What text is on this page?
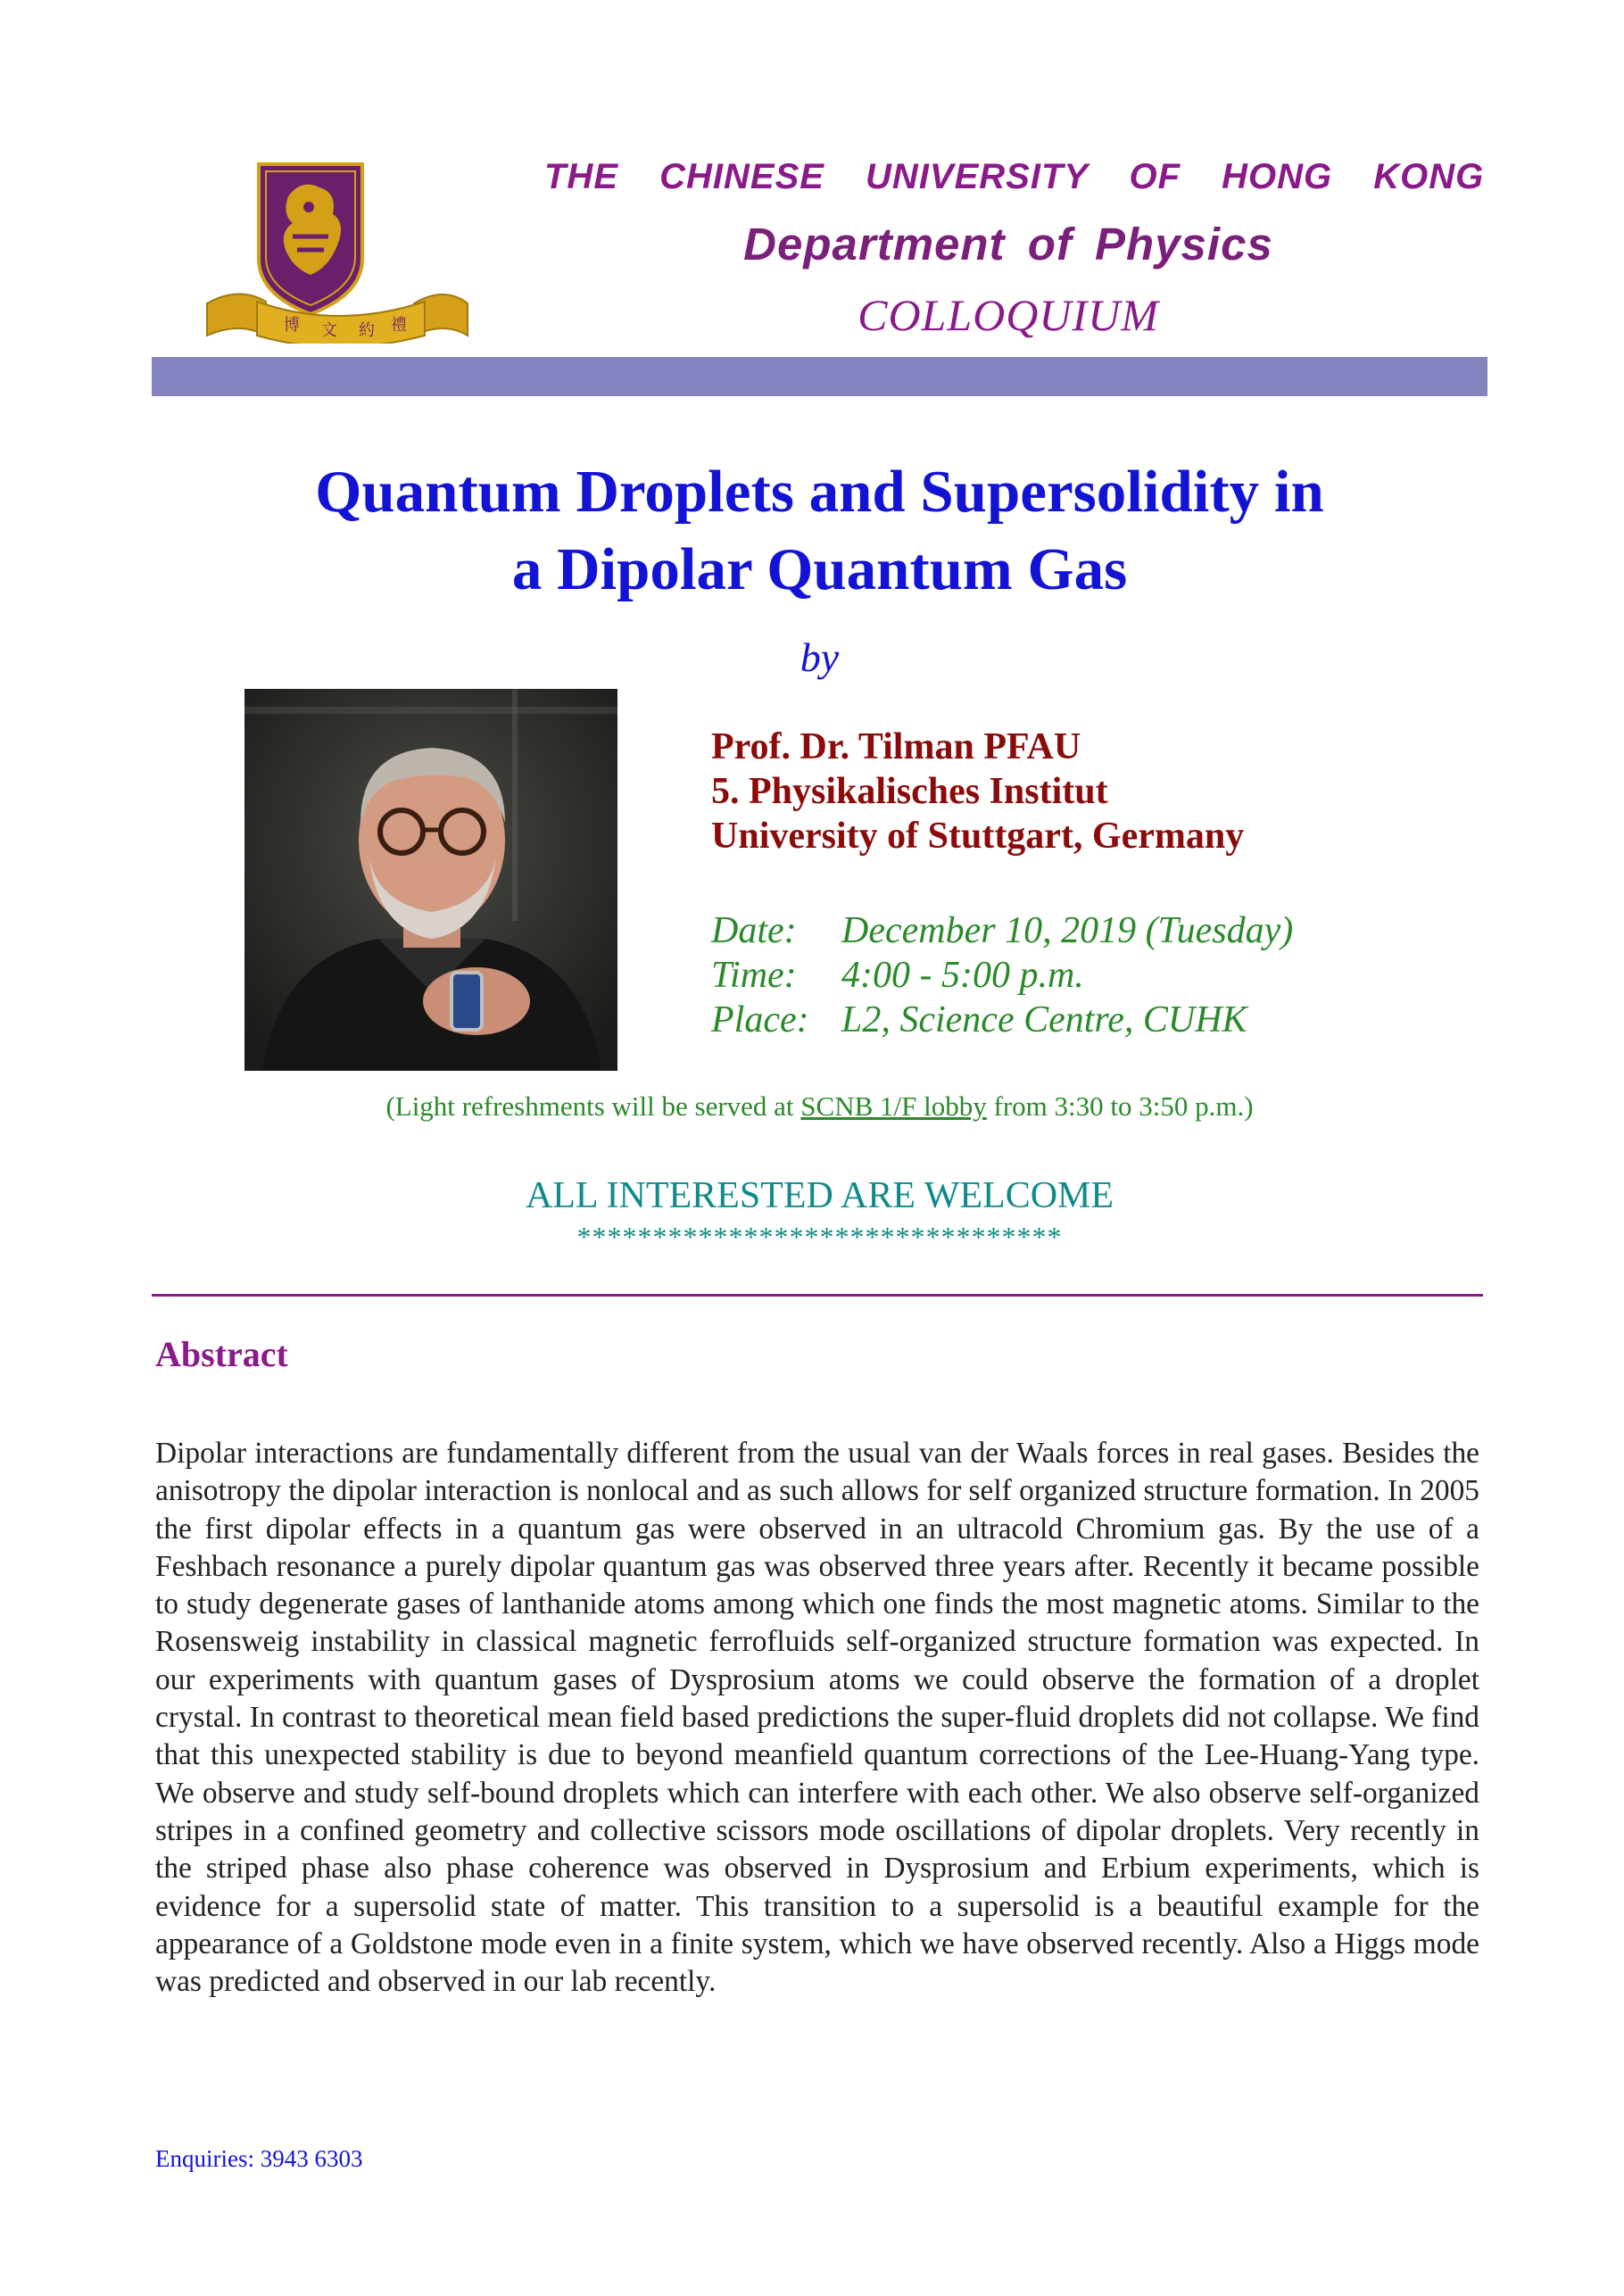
博 文 約 禮
THE CHINESE UNIVERSITY OF HONG KONG
Department of Physics
COLLOQUIUM
Quantum Droplets and Supersolidity in
a Dipolar Quantum Gas
by
Prof. Dr. Tilman PFAU
5. Physikalisches Institut
University of Stuttgart, Germany
Date:	December 10, 2019 (Tuesday)
Time:	4:00 - 5:00 p.m.
Place: L2, Science Centre, CUHK
(Light refreshments will be served at SCNB 1/F lobby from 3:30 to 3:50 p.m.)
ALL INTERESTED ARE WELCOME
********************************
Abstract
Dipolar interactions are fundamentally different from the usual van der Waals forces in real gases. Besides the anisotropy the dipolar interaction is nonlocal and as such allows for self organized structure formation. In 2005 the first dipolar effects in a quantum gas were observed in an ultracold Chromium gas. By the use of a Feshbach resonance a purely dipolar quantum gas was observed three years after. Recently it became possible to study degenerate gases of lanthanide atoms among which one finds the most magnetic atoms. Similar to the Rosensweig instability in classical magnetic ferrofluids self-organized structure formation was expected. In our experiments with quantum gases of Dysprosium atoms we could observe the formation of a droplet crystal. In contrast to theoretical mean field based predictions the super-fluid droplets did not collapse. We find that this unexpected stability is due to beyond meanfield quantum corrections of the Lee-Huang-Yang type. We observe and study self-bound droplets which can interfere with each other. We also observe self-organized stripes in a confined geometry and collective scissors mode oscillations of dipolar droplets. Very recently in the striped phase also phase coherence was observed in Dysprosium and Erbium experiments, which is evidence for a supersolid state of matter. This transition to a supersolid is a beautiful example for the appearance of a Goldstone mode even in a finite system, which we have observed recently. Also a Higgs mode was predicted and observed in our lab recently.
Enquiries: 3943 6303
